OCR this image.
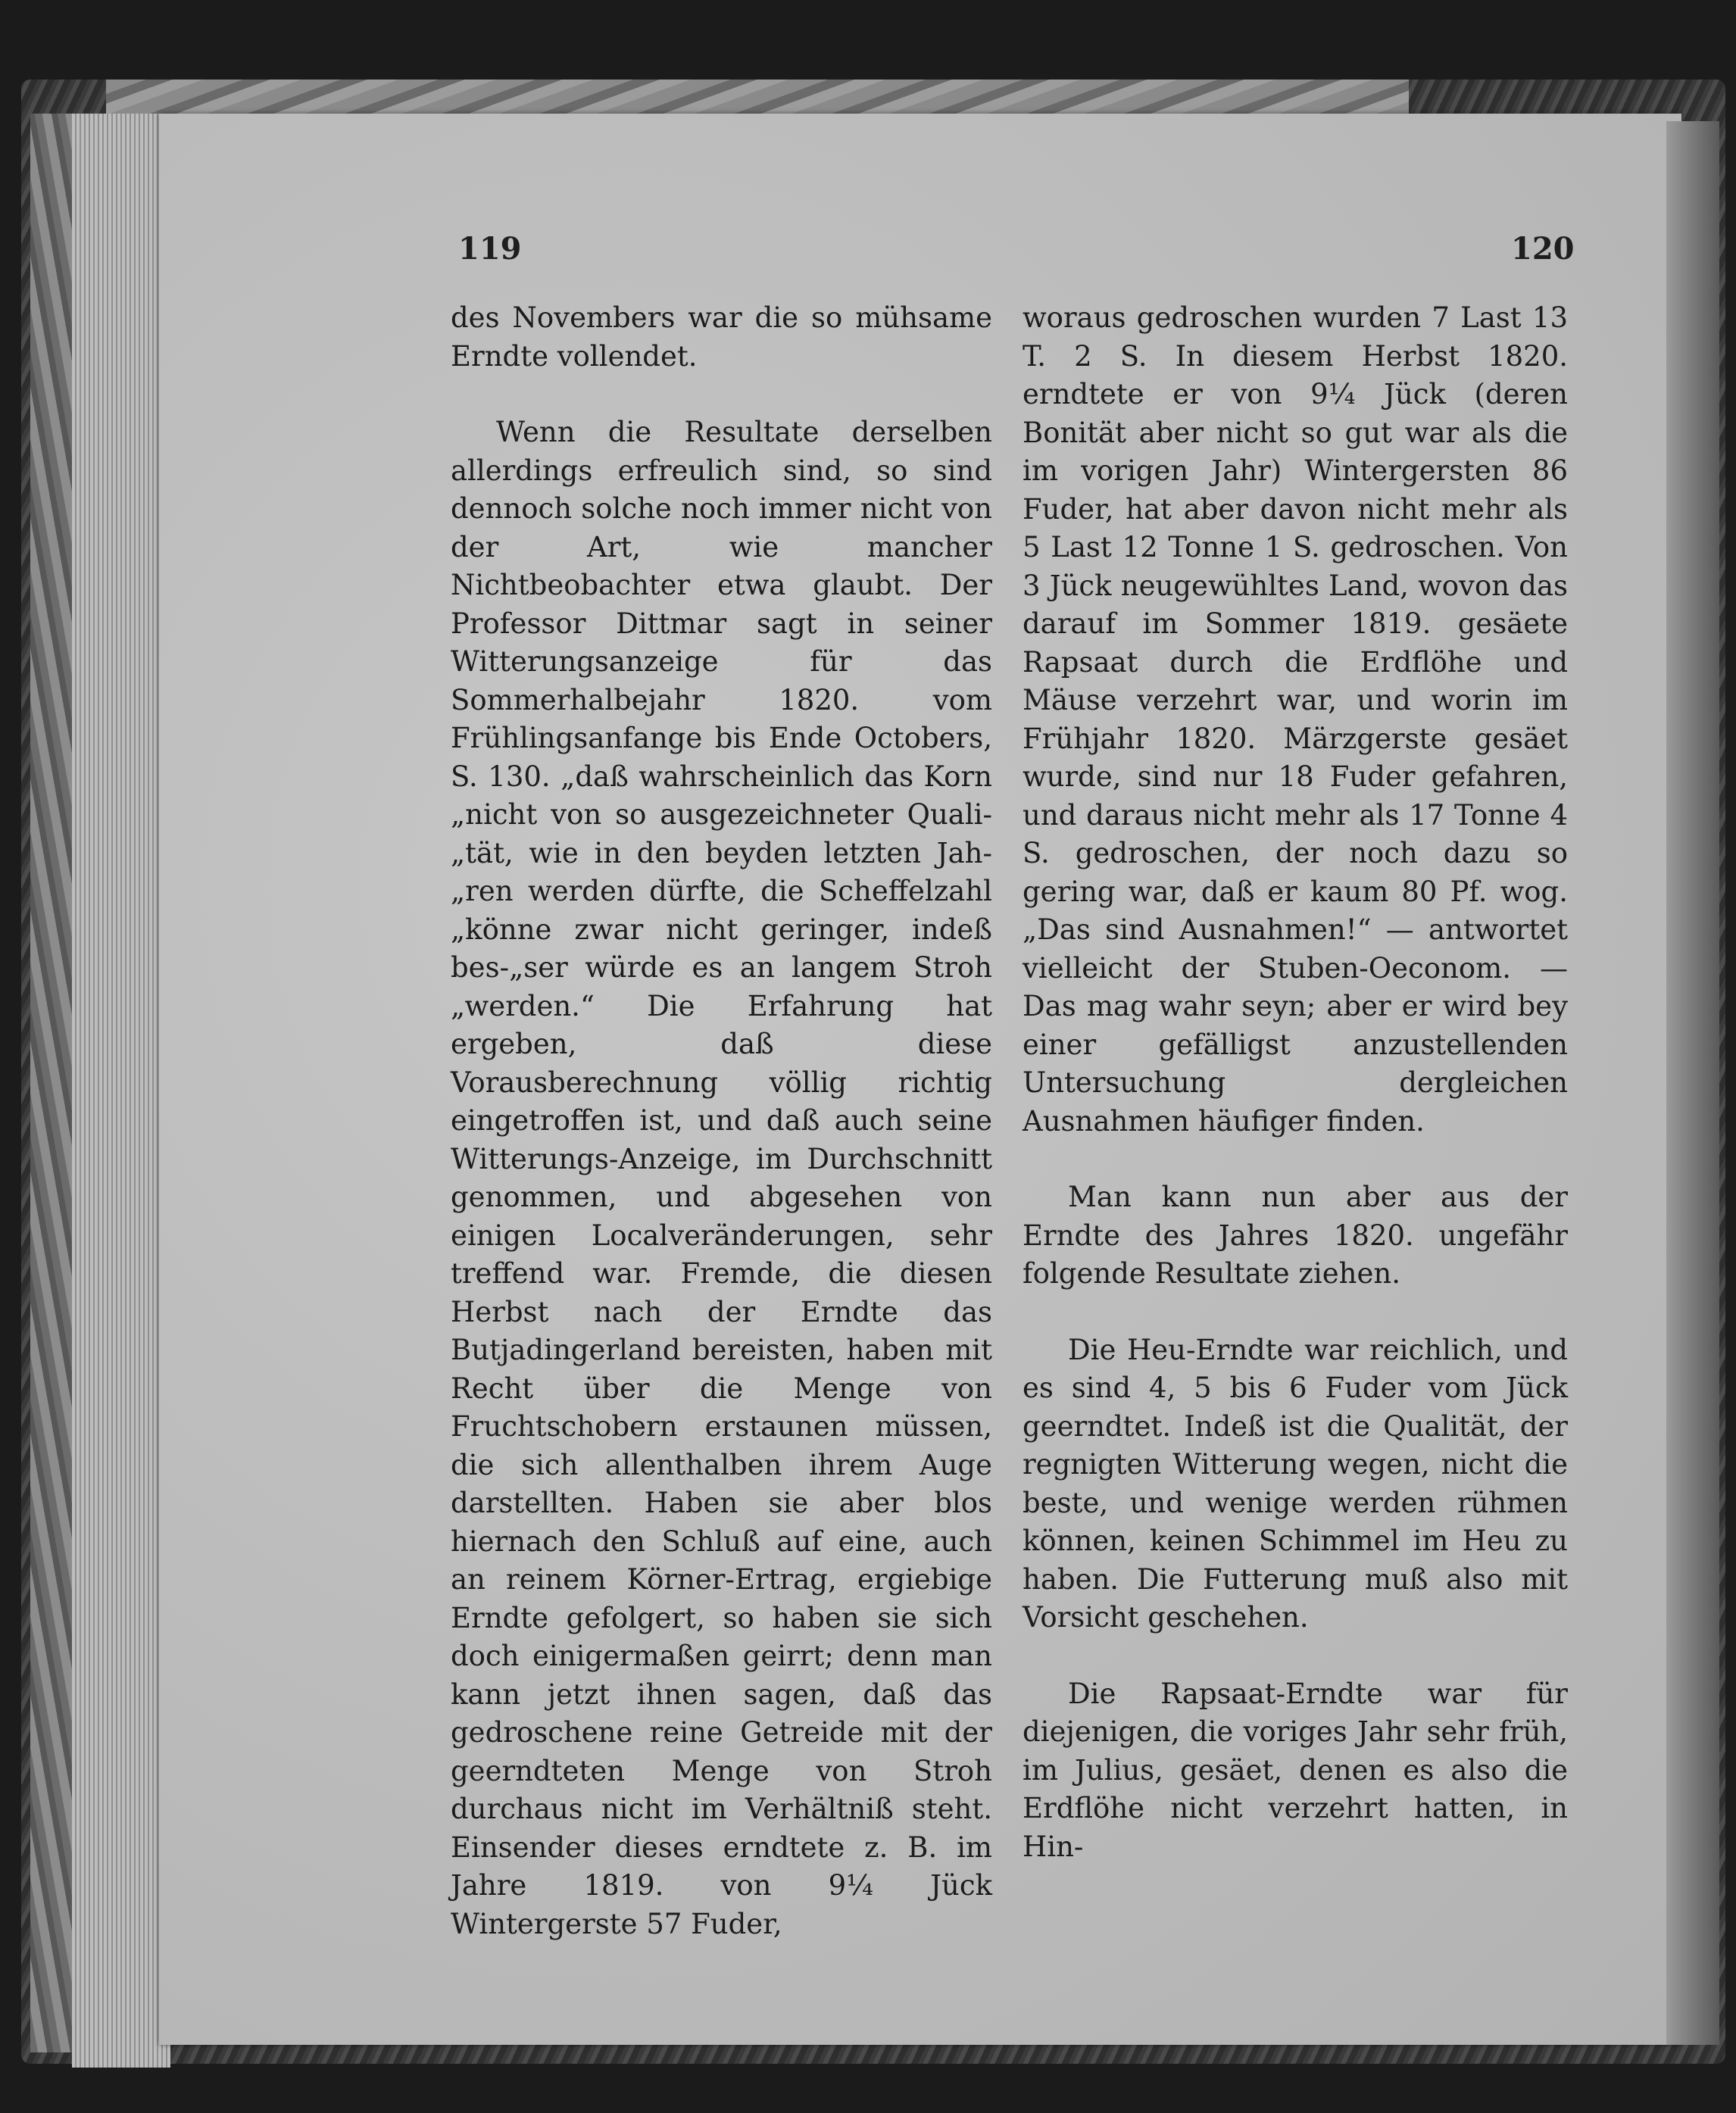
119	120

des Novembers war die so mühsame Erndte vollendet.

Wenn die Resultate derselben allerdings erfreulich sind, so sind dennoch solche noch immer nicht von der Art, wie mancher Nichtbeobachter etwa glaubt. Der Professor Dittmar sagt in seiner Witterungsanzeige für das Sommerhalbejahr 1820. vom Frühlingsanfange bis Ende Octobers, S. 130. „daß wahrscheinlich das Korn „nicht von so ausgezeichneter Quali-„tät, wie in den beyden letzten Jah-„ren werden dürfte, die Scheffelzahl „könne zwar nicht geringer, indeß bes-„ser würde es an langem Stroh „werden.“ Die Erfahrung hat ergeben, daß diese Vorausberechnung völlig richtig eingetroffen ist, und daß auch seine Witterungs-Anzeige, im Durchschnitt genommen, und abgesehen von einigen Localveränderungen, sehr treffend war. Fremde, die diesen Herbst nach der Erndte das Butjadingerland bereisten, haben mit Recht über die Menge von Fruchtschobern erstaunen müssen, die sich allenthalben ihrem Auge darstellten. Haben sie aber blos hiernach den Schluß auf eine, auch an reinem Körner-Ertrag, ergiebige Erndte gefolgert, so haben sie sich doch einigermaßen geirrt; denn man kann jetzt ihnen sagen, daß das gedroschene reine Getreide mit der geerndteten Menge von Stroh durchaus nicht im Verhältniß steht. Einsender dieses erndtete z. B. im Jahre 1819. von 9¼ Jück Wintergerste 57 Fuder,

woraus gedroschen wurden 7 Last 13 T. 2 S. In diesem Herbst 1820. erndtete er von 9¼ Jück (deren Bonität aber nicht so gut war als die im vorigen Jahr) Wintergersten 86 Fuder, hat aber davon nicht mehr als 5 Last 12 Tonne 1 S. gedroschen. Von 3 Jück neugewühltes Land, wovon das darauf im Sommer 1819. gesäete Rapsaat durch die Erdflöhe und Mäuse verzehrt war, und worin im Frühjahr 1820. Märzgerste gesäet wurde, sind nur 18 Fuder gefahren, und daraus nicht mehr als 17 Tonne 4 S. gedroschen, der noch dazu so gering war, daß er kaum 80 Pf. wog. „Das sind Ausnahmen!“ — antwortet vielleicht der Stuben-Oeconom. — Das mag wahr seyn; aber er wird bey einer gefälligst anzustellenden Untersuchung dergleichen Ausnahmen häufiger finden.

Man kann nun aber aus der Erndte des Jahres 1820. ungefähr folgende Resultate ziehen.

Die Heu-Erndte war reichlich, und es sind 4, 5 bis 6 Fuder vom Jück geerndtet. Indeß ist die Qualität, der regnigten Witterung wegen, nicht die beste, und wenige werden rühmen können, keinen Schimmel im Heu zu haben. Die Futterung muß also mit Vorsicht geschehen.

Die Rapsaat-Erndte war für diejenigen, die voriges Jahr sehr früh, im Julius, gesäet, denen es also die Erdflöhe nicht verzehrt hatten, in Hin-
